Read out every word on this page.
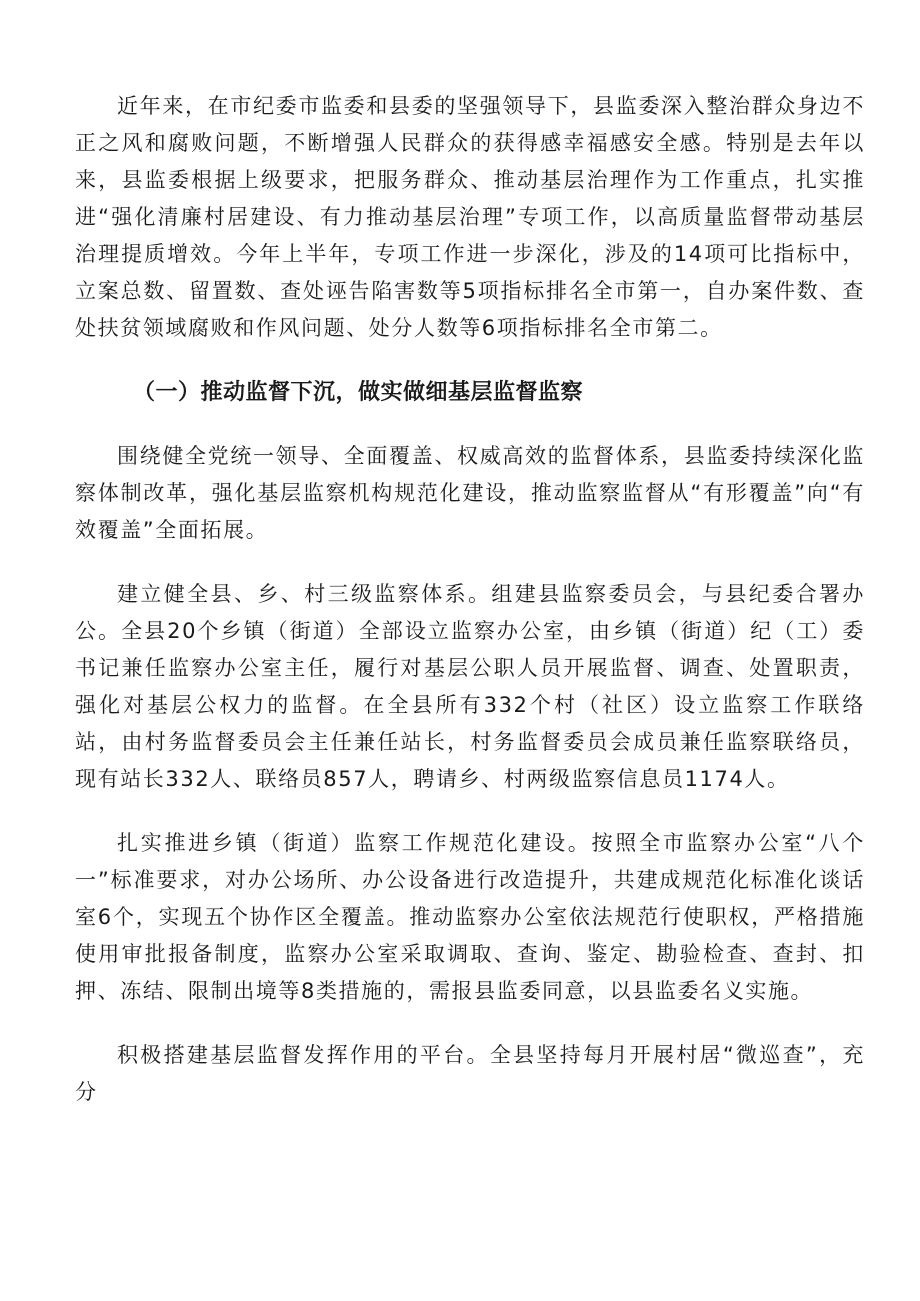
近年来，在市纪委市监委和县委的坚强领导下，县监委深入整治群众身边不正之风和腐败问题，不断增强人民群众的获得感幸福感安全感。特别是去年以来，县监委根据上级要求，把服务群众、推动基层治理作为工作重点，扎实推进“强化清廉村居建设、有力推动基层治理”专项工作，以高质量监督带动基层治理提质增效。今年上半年，专项工作进一步深化，涉及的14项可比指标中，立案总数、留置数、查处诬告陷害数等5项指标排名全市第一，自办案件数、查处扶贫领域腐败和作风问题、处分人数等6项指标排名全市第二。

（一）推动监督下沉，做实做细基层监督监察

围绕健全党统一领导、全面覆盖、权威高效的监督体系，县监委持续深化监察体制改革，强化基层监察机构规范化建设，推动监察监督从“有形覆盖”向“有效覆盖”全面拓展。

建立健全县、乡、村三级监察体系。组建县监察委员会，与县纪委合署办公。全县20个乡镇（街道）全部设立监察办公室，由乡镇（街道）纪（工）委书记兼任监察办公室主任，履行对基层公职人员开展监督、调查、处置职责，强化对基层公权力的监督。在全县所有332个村（社区）设立监察工作联络站，由村务监督委员会主任兼任站长，村务监督委员会成员兼任监察联络员，现有站长332人、联络员857人，聘请乡、村两级监察信息员1174人。

扎实推进乡镇（街道）监察工作规范化建设。按照全市监察办公室“八个一”标准要求，对办公场所、办公设备进行改造提升，共建成规范化标准化谈话室6个，实现五个协作区全覆盖。推动监察办公室依法规范行使职权，严格措施使用审批报备制度，监察办公室采取调取、查询、鉴定、勘验检查、查封、扣押、冻结、限制出境等8类措施的，需报县监委同意，以县监委名义实施。

积极搭建基层监督发挥作用的平台。全县坚持每月开展村居“微巡查”，充分
